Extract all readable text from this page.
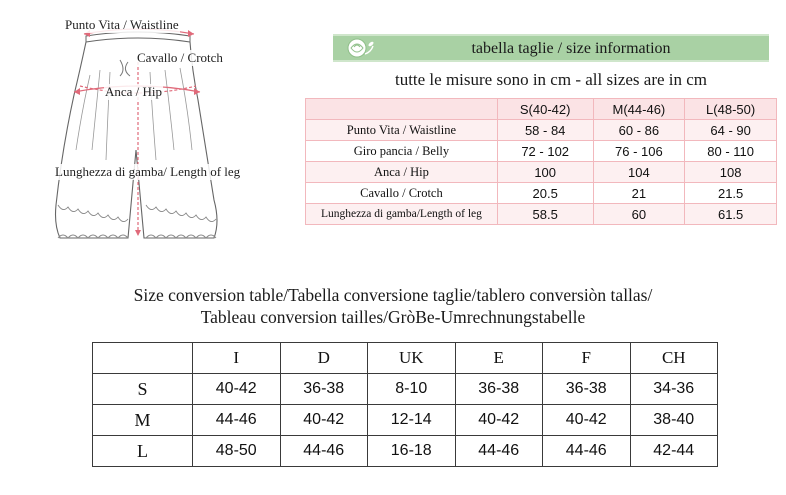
Punto Vita / Waistline
Cavallo / Crotch
Anca / Hip
Lunghezza di gamba/ Length of leg
tabella taglie / size information
tutte le misure sono in cm - all sizes are in cm
	S(40-42)	M(44-46)	L(48-50)
Punto Vita / Waistline	58 - 84	60 - 86	64 - 90
Giro pancia / Belly	72 - 102	76 - 106	80 - 110
Anca / Hip	100	104	108
Cavallo / Crotch	20.5	21	21.5
Lunghezza di gamba/Length of leg	58.5	60	61.5
Size conversion table/Tabella conversione taglie/tablero conversiòn tallas/
Tableau conversion tailles/GròBe-Umrechnungstabelle
	I	D	UK	E	F	CH
S	40-42	36-38	8-10	36-38	36-38	34-36
M	44-46	40-42	12-14	40-42	40-42	38-40
L	48-50	44-46	16-18	44-46	44-46	42-44
